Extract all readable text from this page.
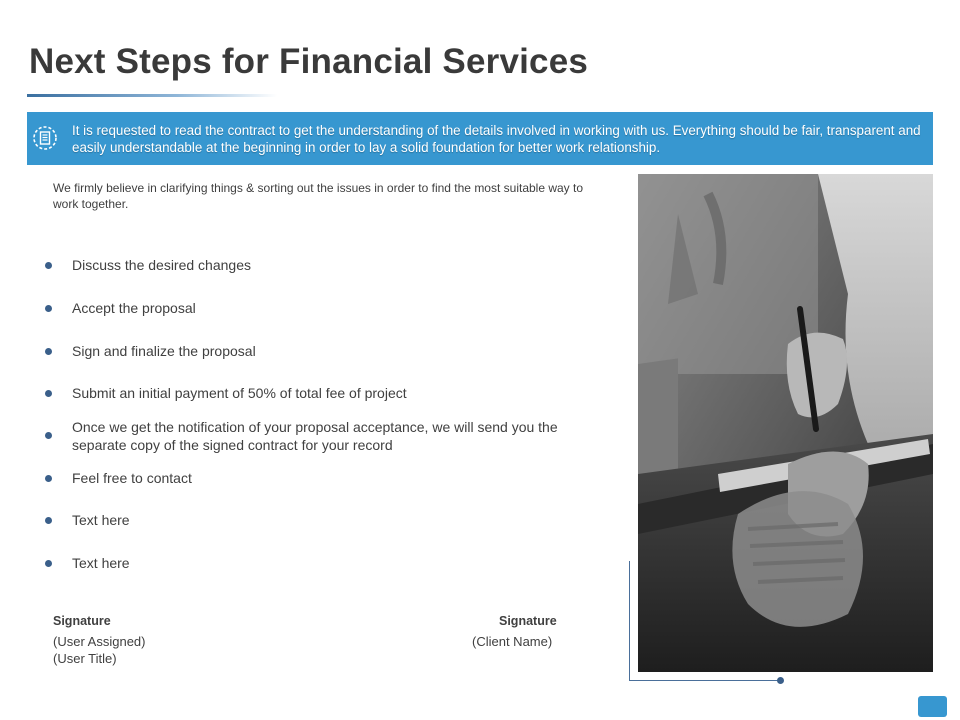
Next Steps for Financial Services
It is requested to read the contract to get the understanding of the details involved in working with us. Everything should be fair, transparent and easily understandable at the beginning in order to lay a solid foundation for better work relationship.
We firmly believe in clarifying things & sorting out the issues in order to find the most suitable way to work together.
Discuss the desired changes
Accept the proposal
Sign and finalize the proposal
Submit an initial payment of 50% of total fee of project
Once we get the notification of your proposal acceptance, we will send you the separate copy of the signed contract for your record
Feel free to contact
Text here
Text here
Signature
(User Assigned)
(User Title)
Signature
(Client Name)
